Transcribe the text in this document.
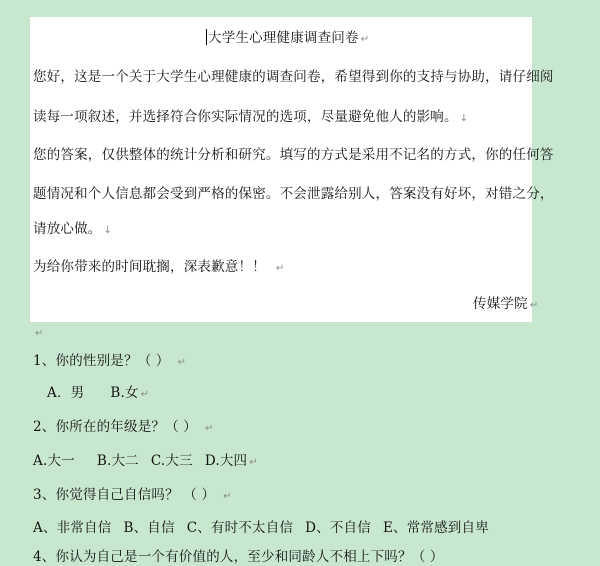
大学生心理健康调查问卷 ↵
您好，这是一个关于大学生心理健康的调查问卷，希望得到你的支持与协助，请仔细阅
读每一项叙述，并选择符合你实际情况的选项，尽量避免他人的影响。 ↓
您的答案，仅供整体的统计分析和研究。填写的方式是采用不记名的方式，你的任何答
题情况和个人信息都会受到严格的保密。不会泄露给别人，答案没有好坏，对错之分，
请放心做。 ↓
为给你带来的时间耽搁，深表歉意！！ ↵
传媒学院 ↵
↵
1、你的性别是？（ ） ↵
A．男 B.女 ↵
2、你所在的年级是？（ ） ↵
A.大一 B.大二 C.大三 D.大四 ↵
3、你觉得自己自信吗？ （ ） ↵
A、非常自信 B、自信 C、有时不太自信 D、不自信 E、常常感到自卑
4、你认为自己是一个有价值的人，至少和同龄人不相上下吗？（ ）
